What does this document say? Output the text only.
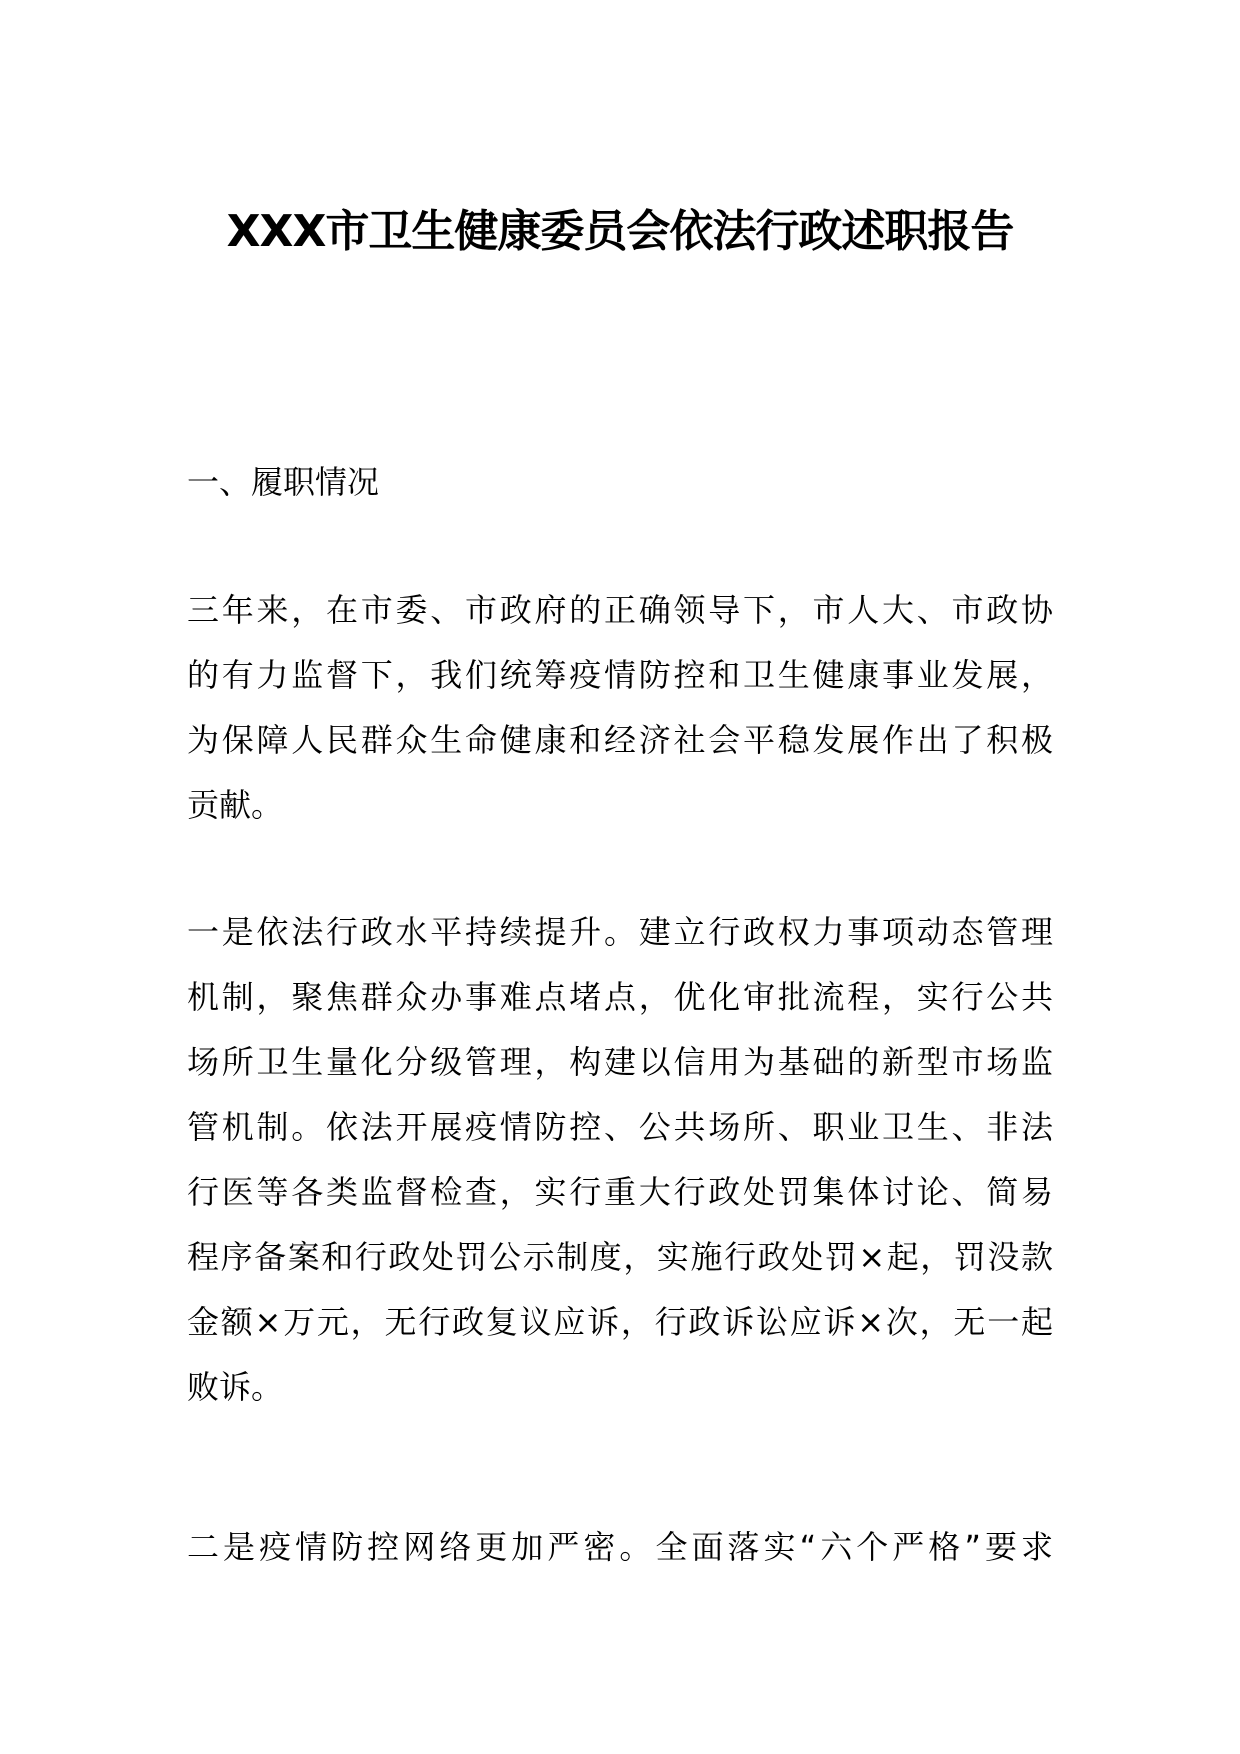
XXX市卫生健康委员会依法行政述职报告
一、履职情况
三年来，在市委、市政府的正确领导下，市人大、市政协
的有力监督下，我们统筹疫情防控和卫生健康事业发展，
为保障人民群众生命健康和经济社会平稳发展作出了积极
贡献。
一是依法行政水平持续提升。建立行政权力事项动态管理
机制，聚焦群众办事难点堵点，优化审批流程，实行公共
场所卫生量化分级管理，构建以信用为基础的新型市场监
管机制。依法开展疫情防控、公共场所、职业卫生、非法
行医等各类监督检查，实行重大行政处罚集体讨论、简易
程序备案和行政处罚公示制度，实施行政处罚×起，罚没款
金额×万元，无行政复议应诉，行政诉讼应诉×次，无一起
败诉。
二是疫情防控网络更加严密。全面落实“六个严格”要求
